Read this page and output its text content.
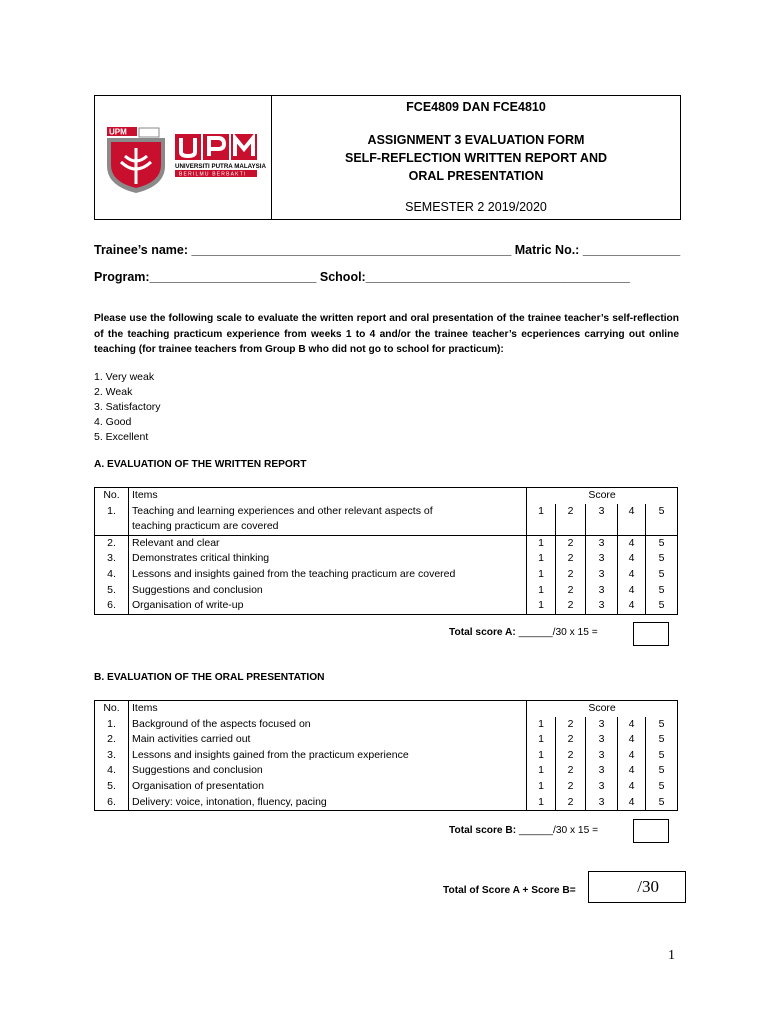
UPM
UNIVERSITI PUTRA MALAYSIA
BERILMU BERBAKTI
FCE4809 DAN FCE4810
ASSIGNMENT 3 EVALUATION FORM
SELF-REFLECTION WRITTEN REPORT AND
ORAL PRESENTATION
SEMESTER 2 2019/2020
Trainee’s name: ______________________________________________ Matric No.: ______________
Program:________________________ School:______________________________________
Please use the following scale to evaluate the written report and oral presentation of the trainee teacher’s self-reflection of the teaching practicum experience from weeks 1 to 4 and/or the trainee teacher’s ecperiences carrying out online teaching (for trainee teachers from Group B who did not go to school for practicum):
1. Very weak
2. Weak
3. Satisfactory
4. Good
5. Excellent
A. EVALUATION OF THE WRITTEN REPORT
No.	Items	Score				
1.	Teaching and learning experiences and other relevant aspects of	1	2	3	4	5
	teaching practicum are covered					
2.	Relevant and clear	1	2	3	4	5
3.	Demonstrates critical thinking	1	2	3	4	5
4.	Lessons and insights gained from the teaching practicum are covered	1	2	3	4	5
5.	Suggestions and conclusion	1	2	3	4	5
6.	Organisation of write-up	1	2	3	4	5
Total score A: ______/30 x 15 =
B. EVALUATION OF THE ORAL PRESENTATION
No.	Items	Score				
1.	Background of the aspects focused on	1	2	3	4	5
2.	Main activities carried out	1	2	3	4	5
3.	Lessons and insights gained from the practicum experience	1	2	3	4	5
4.	Suggestions and conclusion	1	2	3	4	5
5.	Organisation of presentation	1	2	3	4	5
6.	Delivery: voice, intonation, fluency, pacing	1	2	3	4	5
Total score B: ______/30 x 15 =
Total of Score A + Score B=	/30
1
